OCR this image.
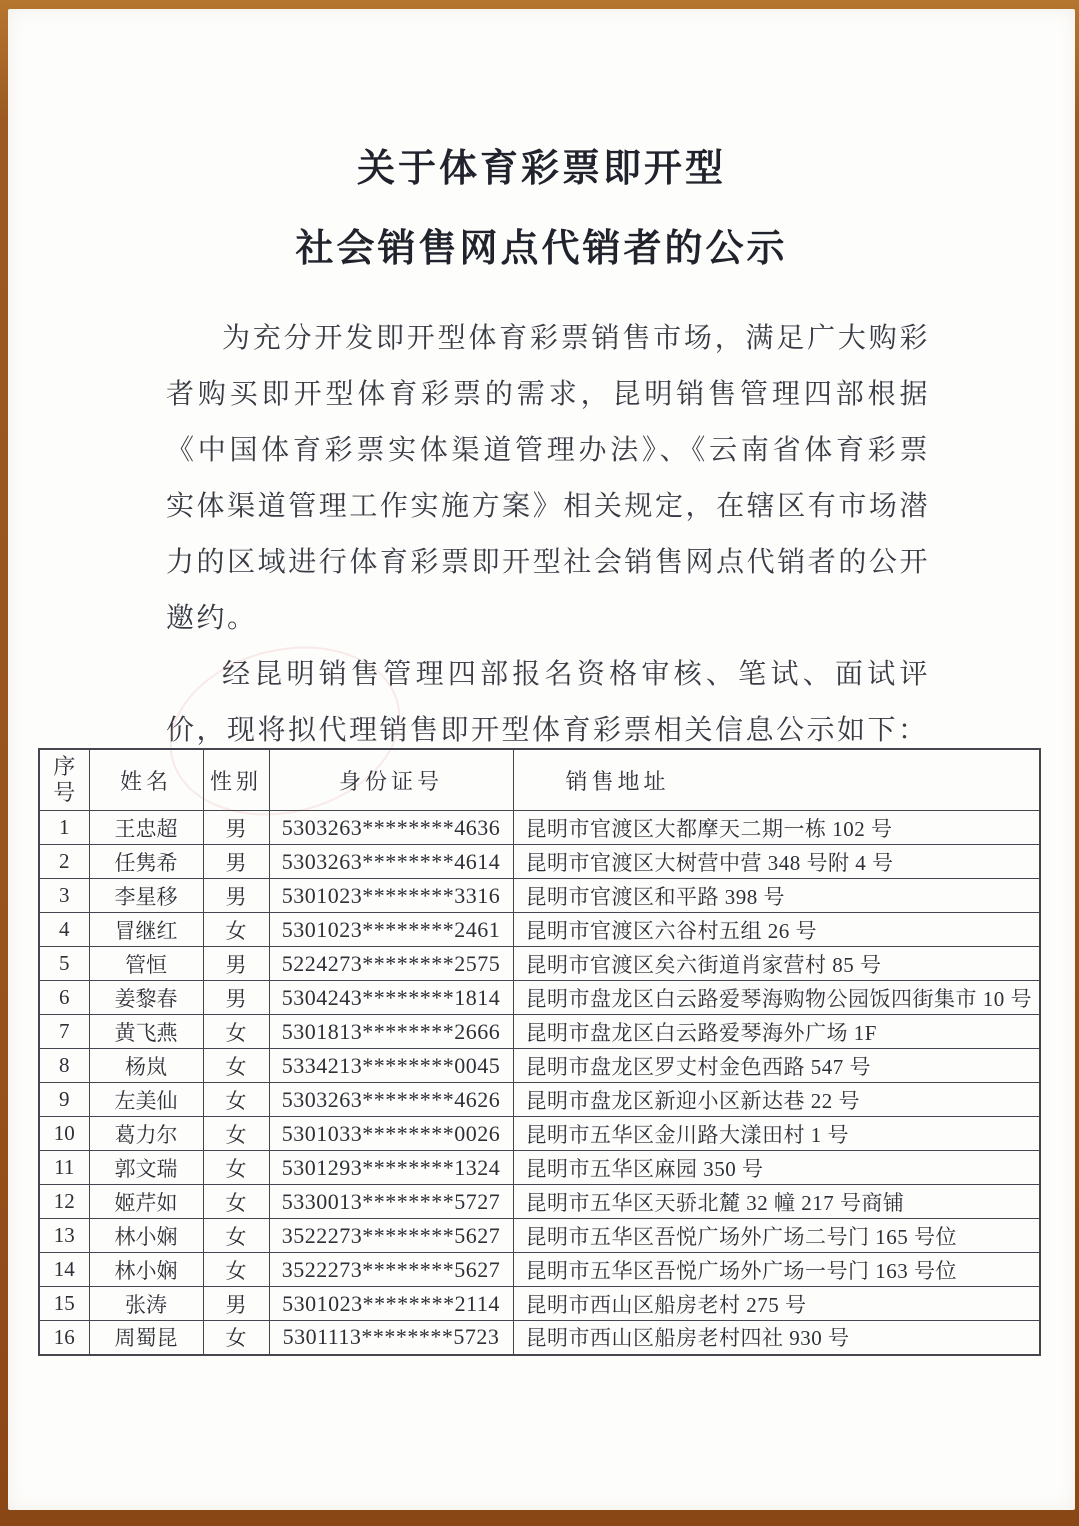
关于体育彩票即开型
社会销售网点代销者的公示

为充分开发即开型体育彩票销售市场，满足广大购彩者购买即开型体育彩票的需求，昆明销售管理四部根据《中国体育彩票实体渠道管理办法》、《云南省体育彩票实体渠道管理工作实施方案》相关规定，在辖区有市场潜力的区域进行体育彩票即开型社会销售网点代销者的公开邀约。

经昆明销售管理四部报名资格审核、笔试、面试评价，现将拟代理销售即开型体育彩票相关信息公示如下：

序号	姓名	性别	身份证号	销售地址
1	王忠超	男	5303263********4636	昆明市官渡区大都摩天二期一栋 102 号
2	任隽希	男	5303263********4614	昆明市官渡区大树营中营 348 号附 4 号
3	李星移	男	5301023********3316	昆明市官渡区和平路 398 号
4	冒继红	女	5301023********2461	昆明市官渡区六谷村五组 26 号
5	管恒	男	5224273********2575	昆明市官渡区矣六街道肖家营村 85 号
6	姜黎春	男	5304243********1814	昆明市盘龙区白云路爱琴海购物公园饭四街集市 10 号
7	黄飞燕	女	5301813********2666	昆明市盘龙区白云路爱琴海外广场 1F
8	杨岚	女	5334213********0045	昆明市盘龙区罗丈村金色西路 547 号
9	左美仙	女	5303263********4626	昆明市盘龙区新迎小区新达巷 22 号
10	葛力尔	女	5301033********0026	昆明市五华区金川路大漾田村 1 号
11	郭文瑞	女	5301293********1324	昆明市五华区麻园 350 号
12	姬芹如	女	5330013********5727	昆明市五华区天骄北麓 32 幢 217 号商铺
13	林小娴	女	3522273********5627	昆明市五华区吾悦广场外广场二号门 165 号位
14	林小娴	女	3522273********5627	昆明市五华区吾悦广场外广场一号门 163 号位
15	张涛	男	5301023********2114	昆明市西山区船房老村 275 号
16	周蜀昆	女	5301113********5723	昆明市西山区船房老村四社 930 号
